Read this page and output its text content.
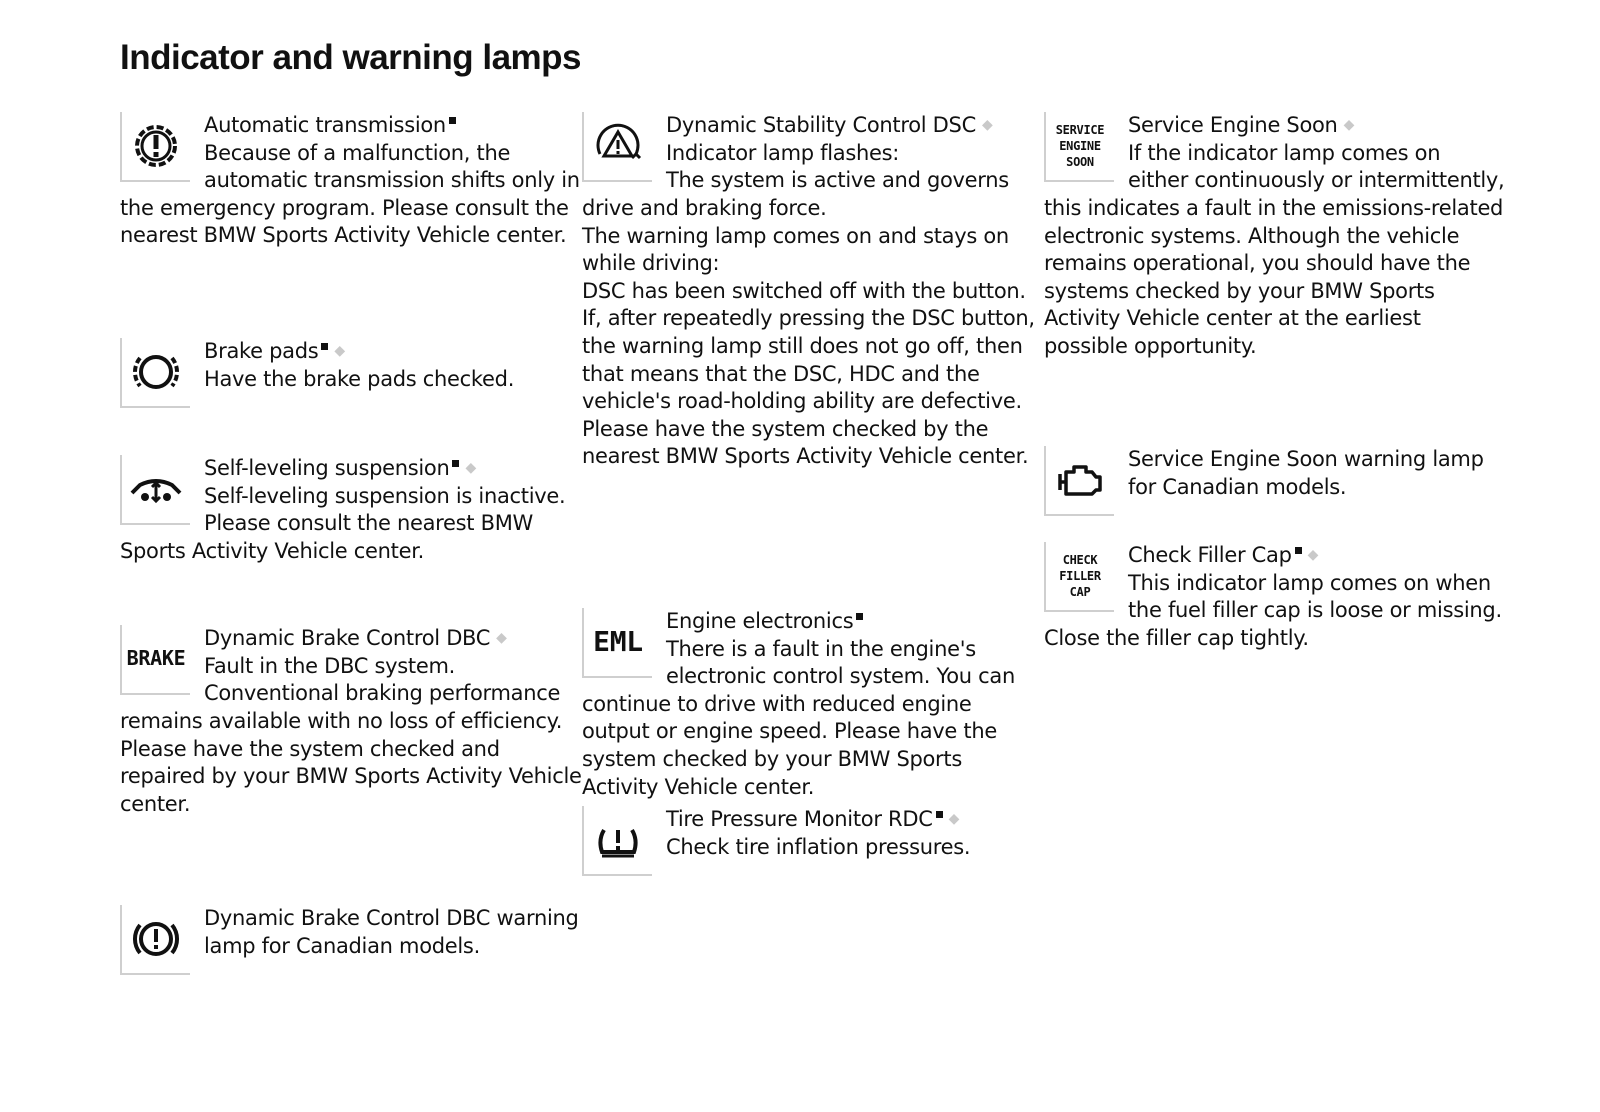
Indicator and warning lamps
Automatic transmission

Because of a malfunction, the automatic transmission shifts only in the emergency program. Please consult the nearest BMW Sports Activity Vehicle center.
Brake pads ◆

Have the brake pads checked.
Self-leveling suspension ◆

Self-leveling suspension is inactive. Please consult the nearest BMW Sports Activity Vehicle center.
BRAKE
Dynamic Brake Control DBC ◆

Fault in the DBC system.
Conventional braking performance remains available with no loss of efficiency.
Please have the system checked and repaired by your BMW Sports Activity Vehicle center.
Dynamic Brake Control DBC warning lamp for Canadian models.
Dynamic Stability Control DSC ◆

Indicator lamp flashes:
The system is active and governs drive and braking force.
The warning lamp comes on and stays on while driving:
DSC has been switched off with the button. If, after repeatedly pressing the DSC button, the warning lamp still does not go off, then that means that the DSC, HDC and the vehicle's road-holding ability are defective.
Please have the system checked by the nearest BMW Sports Activity Vehicle center.
EML
Engine electronics

There is a fault in the engine's electronic control system. You can continue to drive with reduced engine output or engine speed. Please have the system checked by your BMW Sports Activity Vehicle center.
Tire Pressure Monitor RDC ◆

Check tire inflation pressures.
SERVICE
ENGINE
SOON
Service Engine Soon ◆

If the indicator lamp comes on either continuously or intermittently, this indicates a fault in the emissions-related electronic systems. Although the vehicle remains operational, you should have the systems checked by your BMW Sports Activity Vehicle center at the earliest possible opportunity.
Service Engine Soon warning lamp for Canadian models.
CHECK
FILLER
CAP
Check Filler Cap ◆

This indicator lamp comes on when the fuel filler cap is loose or missing.
Close the filler cap tightly.
